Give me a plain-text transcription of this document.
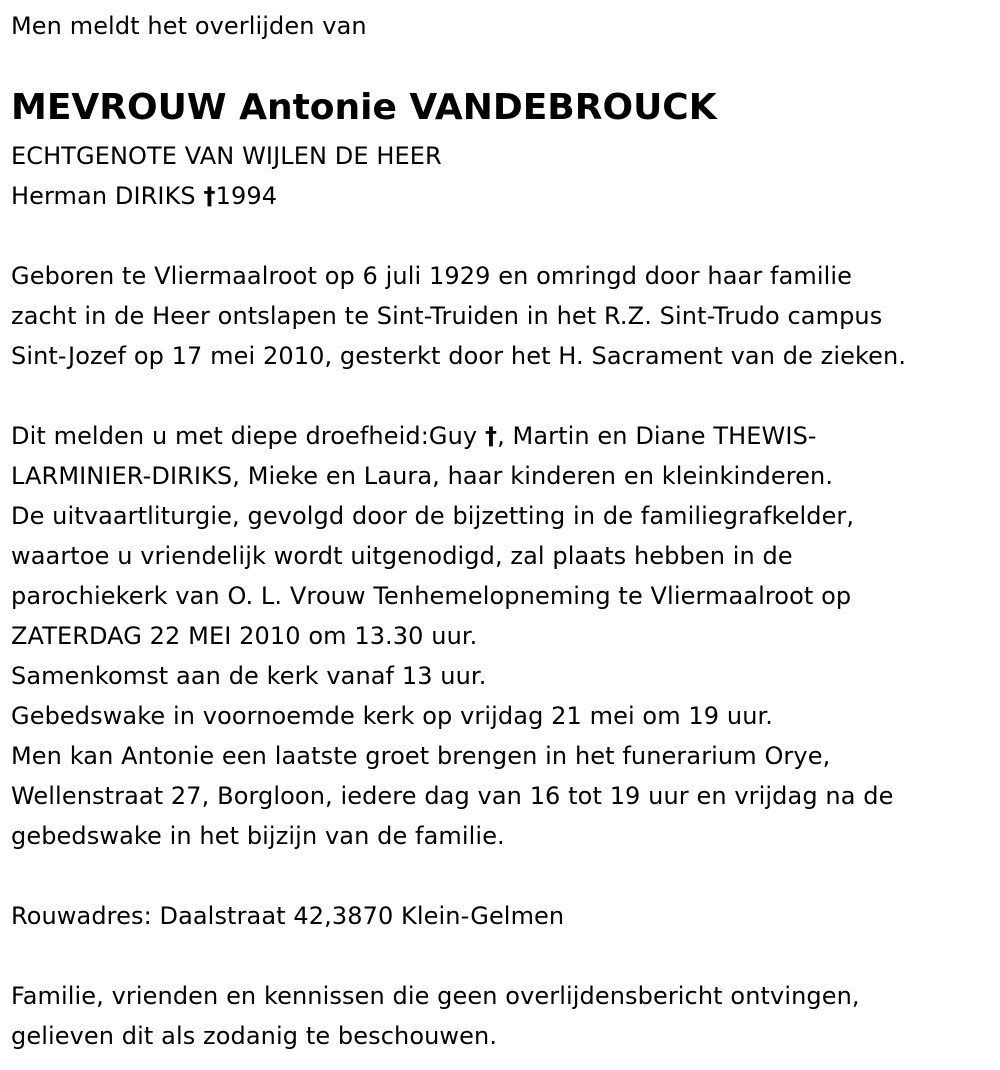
Men meldt het overlijden van
MEVROUW Antonie VANDEBROUCK
ECHTGENOTE VAN WIJLEN DE HEER
Herman DIRIKS †1994
Geboren te Vliermaalroot op 6 juli 1929 en omringd door haar familie
zacht in de Heer ontslapen te Sint-Truiden in het R.Z. Sint-Trudo campus
Sint-Jozef op 17 mei 2010, gesterkt door het H. Sacrament van de zieken.
Dit melden u met diepe droefheid:Guy †, Martin en Diane THEWIS-
LARMINIER-DIRIKS, Mieke en Laura, haar kinderen en kleinkinderen.
De uitvaartliturgie, gevolgd door de bijzetting in de familiegrafkelder,
waartoe u vriendelijk wordt uitgenodigd, zal plaats hebben in de
parochiekerk van O. L. Vrouw Tenhemelopneming te Vliermaalroot op
ZATERDAG 22 MEI 2010 om 13.30 uur.
Samenkomst aan de kerk vanaf 13 uur.
Gebedswake in voornoemde kerk op vrijdag 21 mei om 19 uur.
Men kan Antonie een laatste groet brengen in het funerarium Orye,
Wellenstraat 27, Borgloon, iedere dag van 16 tot 19 uur en vrijdag na de
gebedswake in het bijzijn van de familie.
Rouwadres: Daalstraat 42,3870 Klein-Gelmen
Familie, vrienden en kennissen die geen overlijdensbericht ontvingen,
gelieven dit als zodanig te beschouwen.
